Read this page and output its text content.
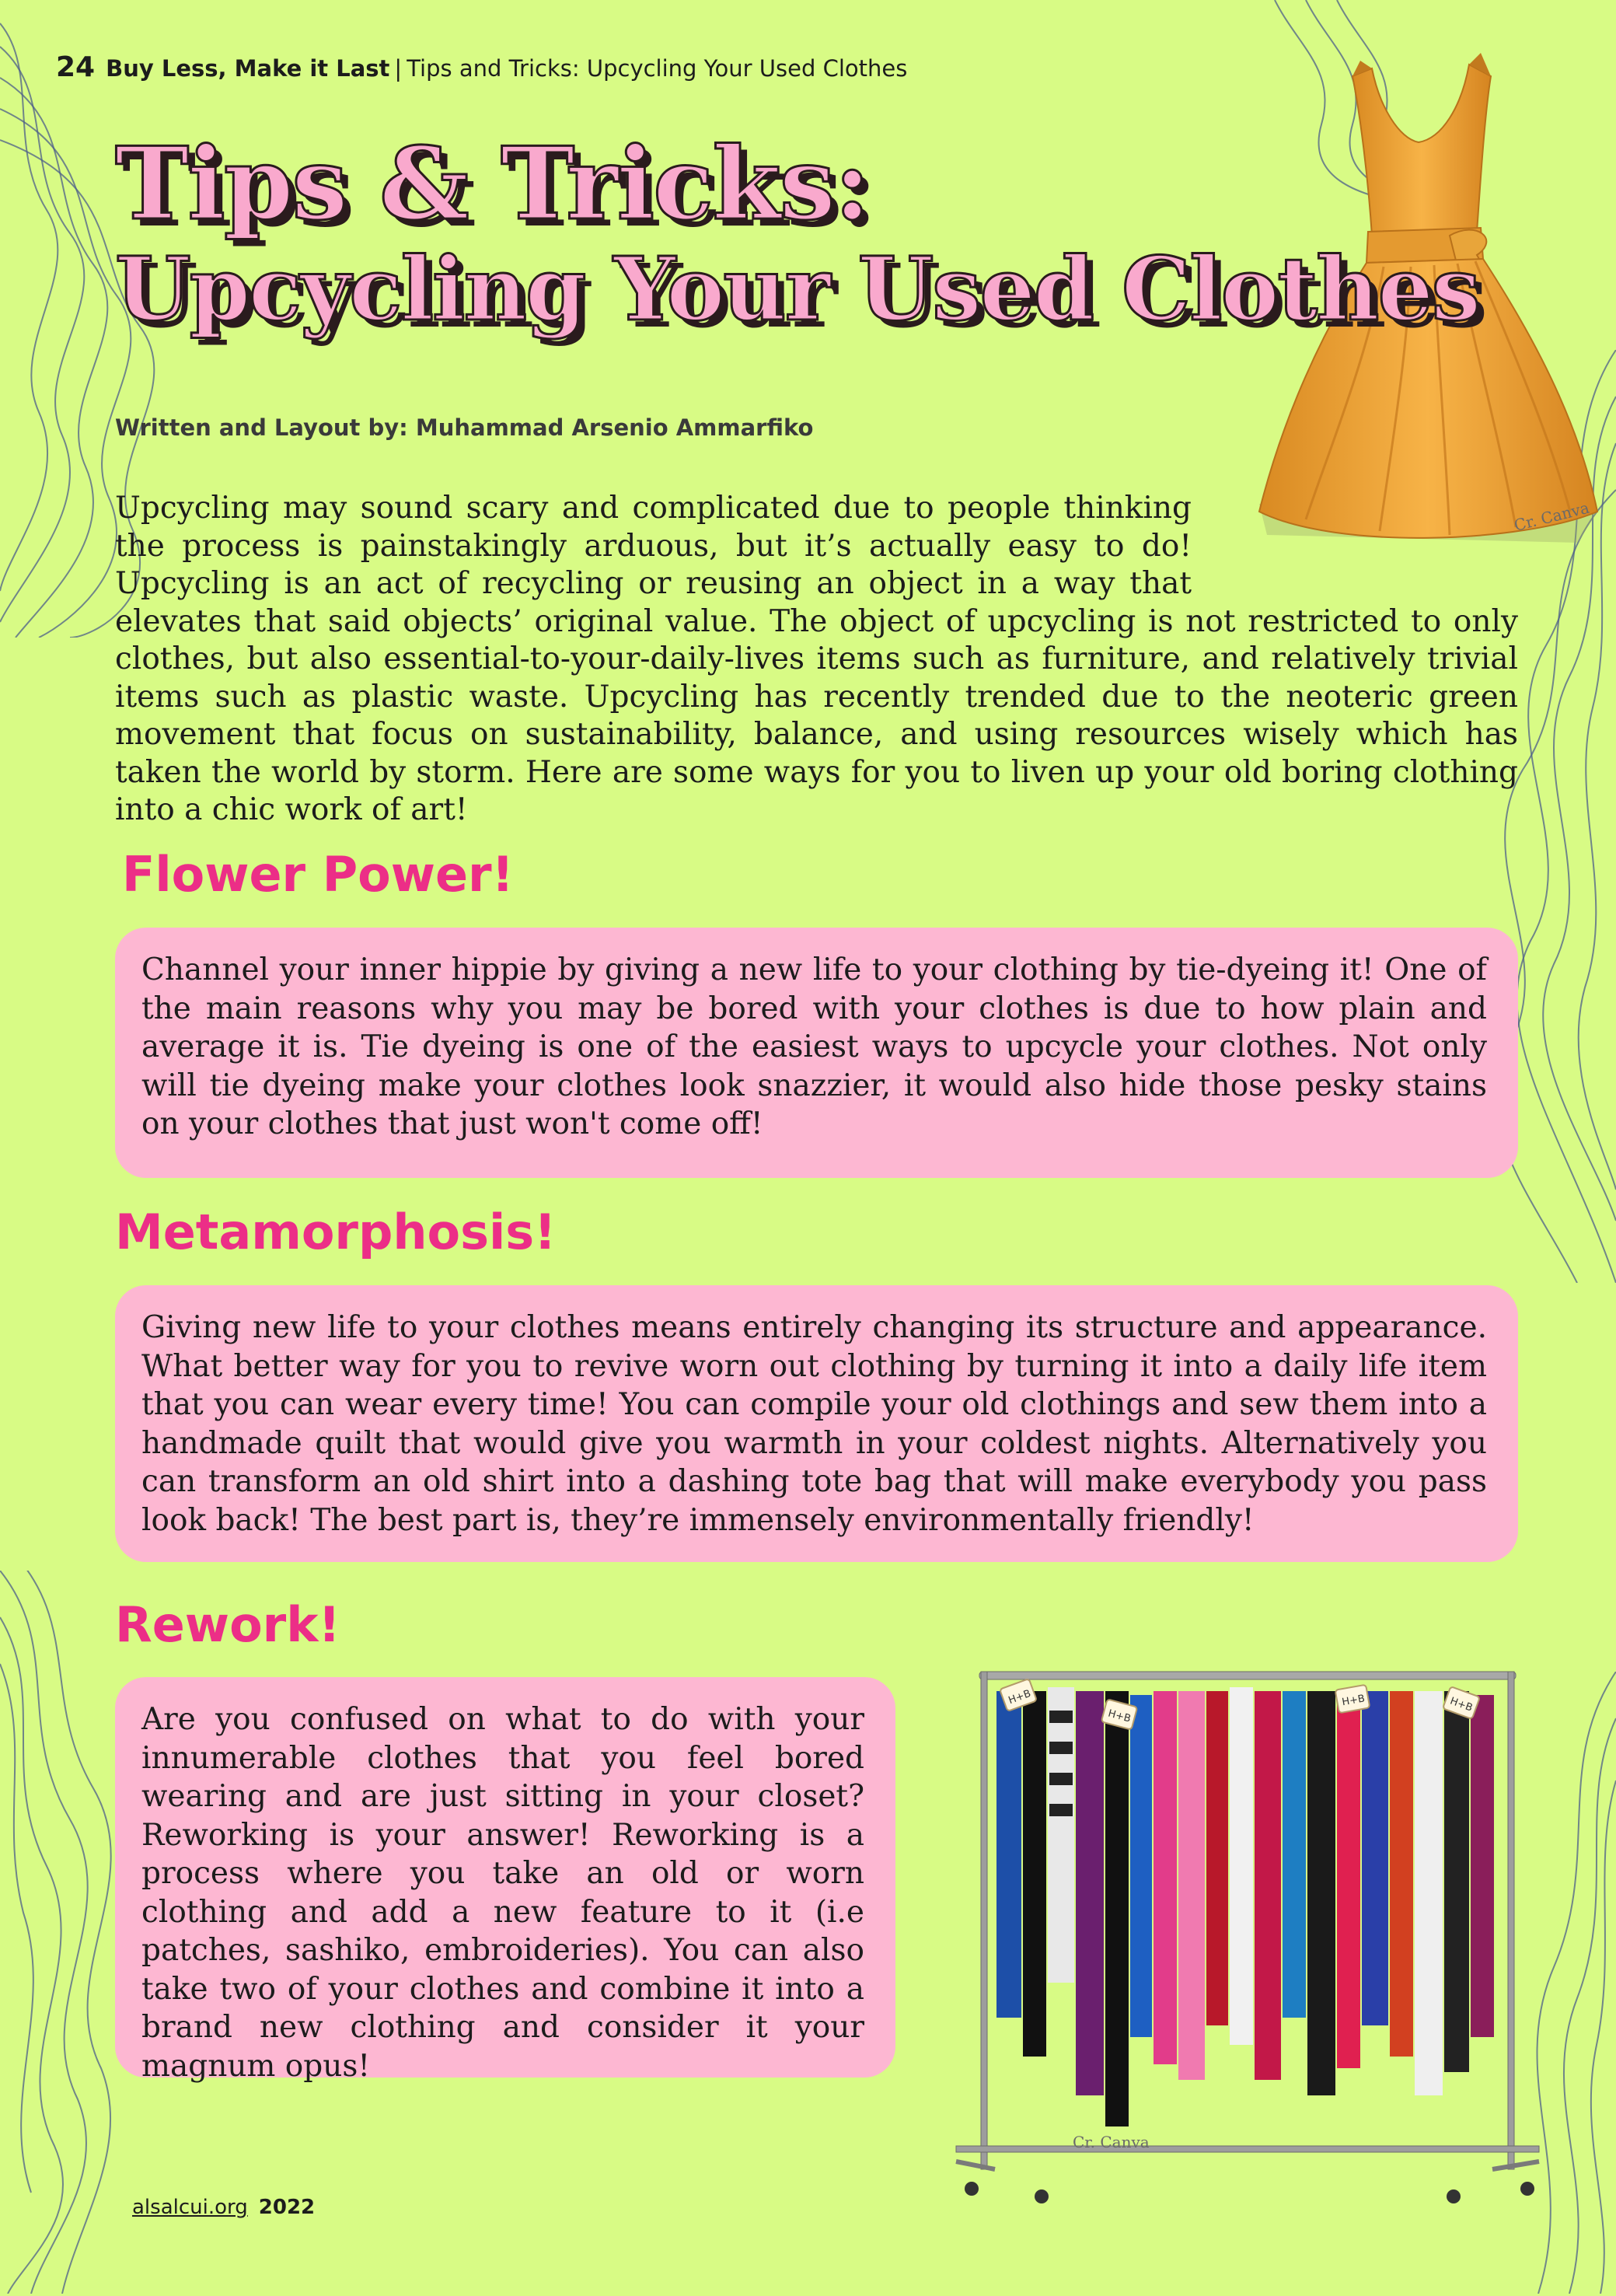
24 Buy Less, Make it Last | Tips and Tricks: Upcycling Your Used Clothes
Cr. Canva
Tips & Tricks:
Upcycling Your Used Clothes
Written and Layout by: Muhammad Arsenio Ammarfiko
Upcycling may sound scary and complicated due to people thinking the process is painstakingly arduous, but it’s actually easy to do! Upcycling is an act of recycling or reusing an object in a way that elevates that said objects’ original value. The object of upcycling is not restricted to only clothes, but also essential-to-your-daily-lives items such as furniture, and relatively trivial items such as plastic waste. Upcycling has recently trended due to the neoteric green movement that focus on sustainability, balance, and using resources wisely which has taken the world by storm. Here are some ways for you to liven up your old boring clothing into a chic work of art!
Flower Power!
Channel your inner hippie by giving a new life to your clothing by tie-dyeing it! One of the main reasons why you may be bored with your clothes is due to how plain and average it is. Tie dyeing is one of the easiest ways to upcycle your clothes. Not only will tie dyeing make your clothes look snazzier, it would also hide those pesky stains on your clothes that just won't come off!
Metamorphosis!
Giving new life to your clothes means entirely changing its structure and appearance. What better way for you to revive worn out clothing by turning it into a daily life item that you can wear every time! You can compile your old clothings and sew them into a handmade quilt that would give you warmth in your coldest nights. Alternatively you can transform an old shirt into a dashing tote bag that will make everybody you pass look back! The best part is, they’re immensely environmentally friendly!
Rework!
Are you confused on what to do with your innumerable clothes that you feel bored wearing and are just sitting in your closet? Reworking is your answer! Reworking is a process where you take an old or worn clothing and add a new feature to it (i.e patches, sashiko, embroideries). You can also take two of your clothes and combine it into a brand new clothing and consider it your magnum opus!
H+B
H+B
H+B	H+B
Cr. Canva
alsalcui.org 2022
